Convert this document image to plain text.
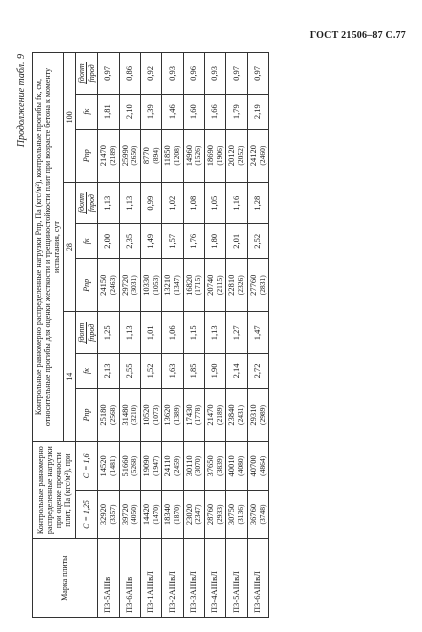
ГОСТ 21506–87 С.77
Продолжение табл. 9
Марка плиты	Контрольные равномерно распределенные нагрузки при оценке прочности плит, Па (кгс/м²), при		Контрольные равномерно распределенные нагрузки Pпр, Па (кгс/м²), контрольные прогибы fк, см, относительные прогибы для оценки жесткости и трещиностойкости плит при возрасте бетона к моменту испытания, сут								
			14			28			100		
	C = 1,25	C = 1,6	Pпр	fк	fдопт fпрод	Pпр	fк	fдопт fпрод	Pпр	fк	fдопт fпрод

П3-5АIIIв	32920 (3357)	14520 (1481)	25180 (2568)	2,13	1,25	24150 (2463)	2,00	1,13	21470 (2189)	1,81	0,97

П3-6АIIIв	39720 (4050)	51660 (5268)	31480 (3210)	2,55	1,13	29720 (3031)	2,35	1,13	25990 (2650)	2,10	0,86

П3-1АIIIвЛ	14420 (1470)	19090 (1947)	10520 (1073)	1,52	1,01	10330 (1053)	1,49	0,99	8770 (894)	1,39	0,92

П3-2АIIIвЛ	18340 (1870)	24110 (2459)	13620 (1389)	1,63	1,06	13210 (1347)	1,57	1,02	11850 (1208)	1,46	0,93

П3-3АIIIвЛ	23020 (2347)	30110 (3070)	17430 (1778)	1,85	1,15	16820 (1715)	1,76	1,08	14960 (1526)	1,60	0,96

П3-4АIIIвЛ	28760 (2933)	37650 (3839)	21470 (2189)	1,90	1,13	20740 (2115)	1,80	1,05	18690 (1906)	1,66	0,93

П3-5АIIIвЛ	30750 (3136)	40010 (4080)	23840 (2431)	2,14	1,27	22810 (2326)	2,01	1,16	20120 (2052)	1,79	0,97

П3-6АIIIвЛ	36760 (3748)	40700 (4864)	29310 (2989)	2,72	1,47	27760 (2831)	2,52	1,28	24120 (2460)	2,19	0,97
